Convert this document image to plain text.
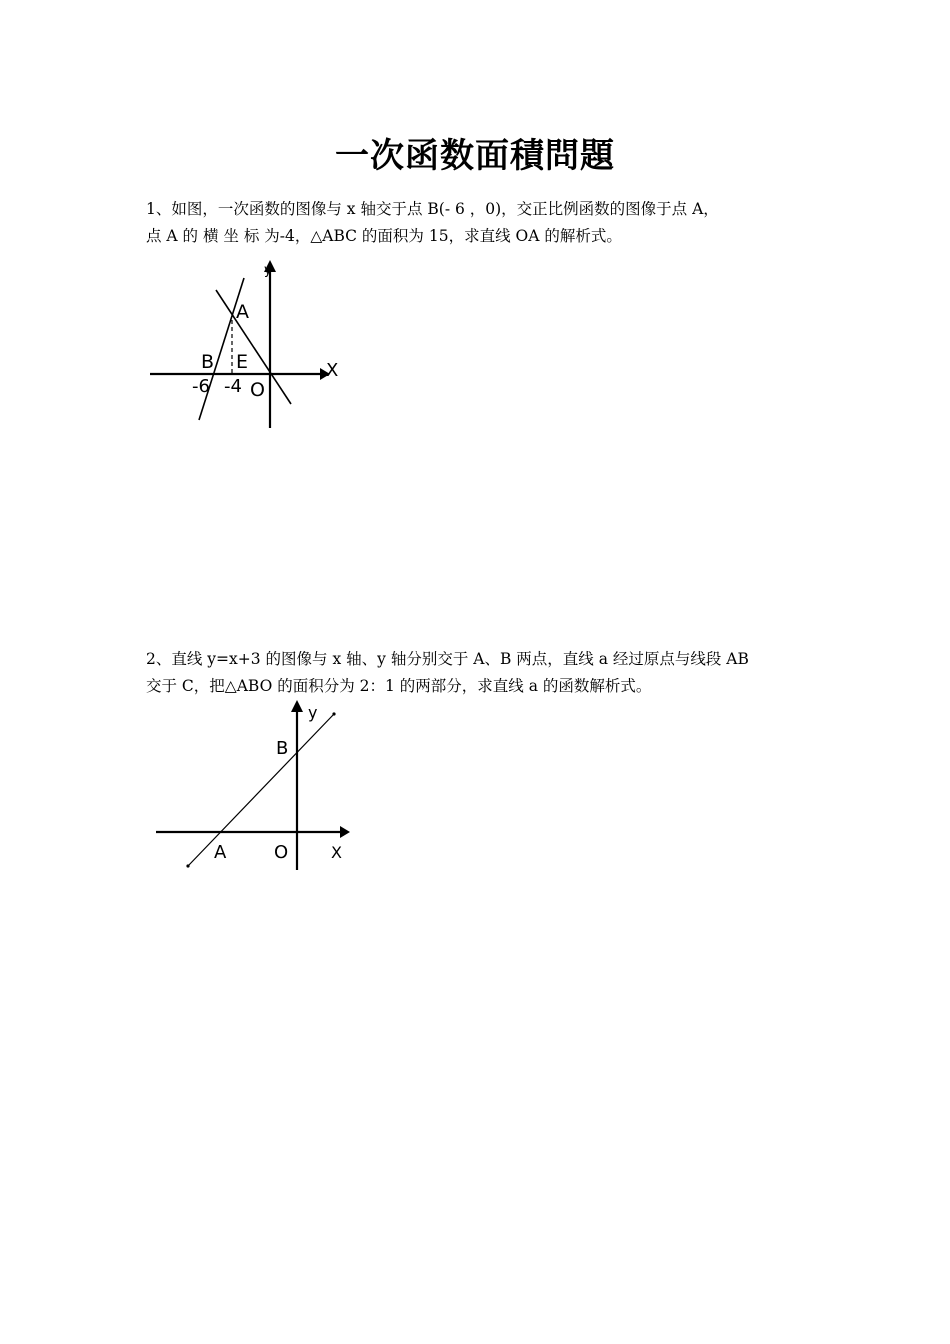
一次函数面積問題
1、如图，一次函数的图像与 x 轴交于点 B(- 6 ，0)，交正比例函数的图像于点 A，
点 A 的 横 坐 标 为-4，△ABC 的面积为 15，求直线 OA 的解析式。
y
X
A
B E
O
-6 -4
2、直线 y=x+3 的图像与 x 轴、y 轴分别交于 A、B 两点，直线 a 经过原点与线段 AB
交于 C，把△ABO 的面积分为 2：1 的两部分，求直线 a 的函数解析式。
y
X
A
B
O
